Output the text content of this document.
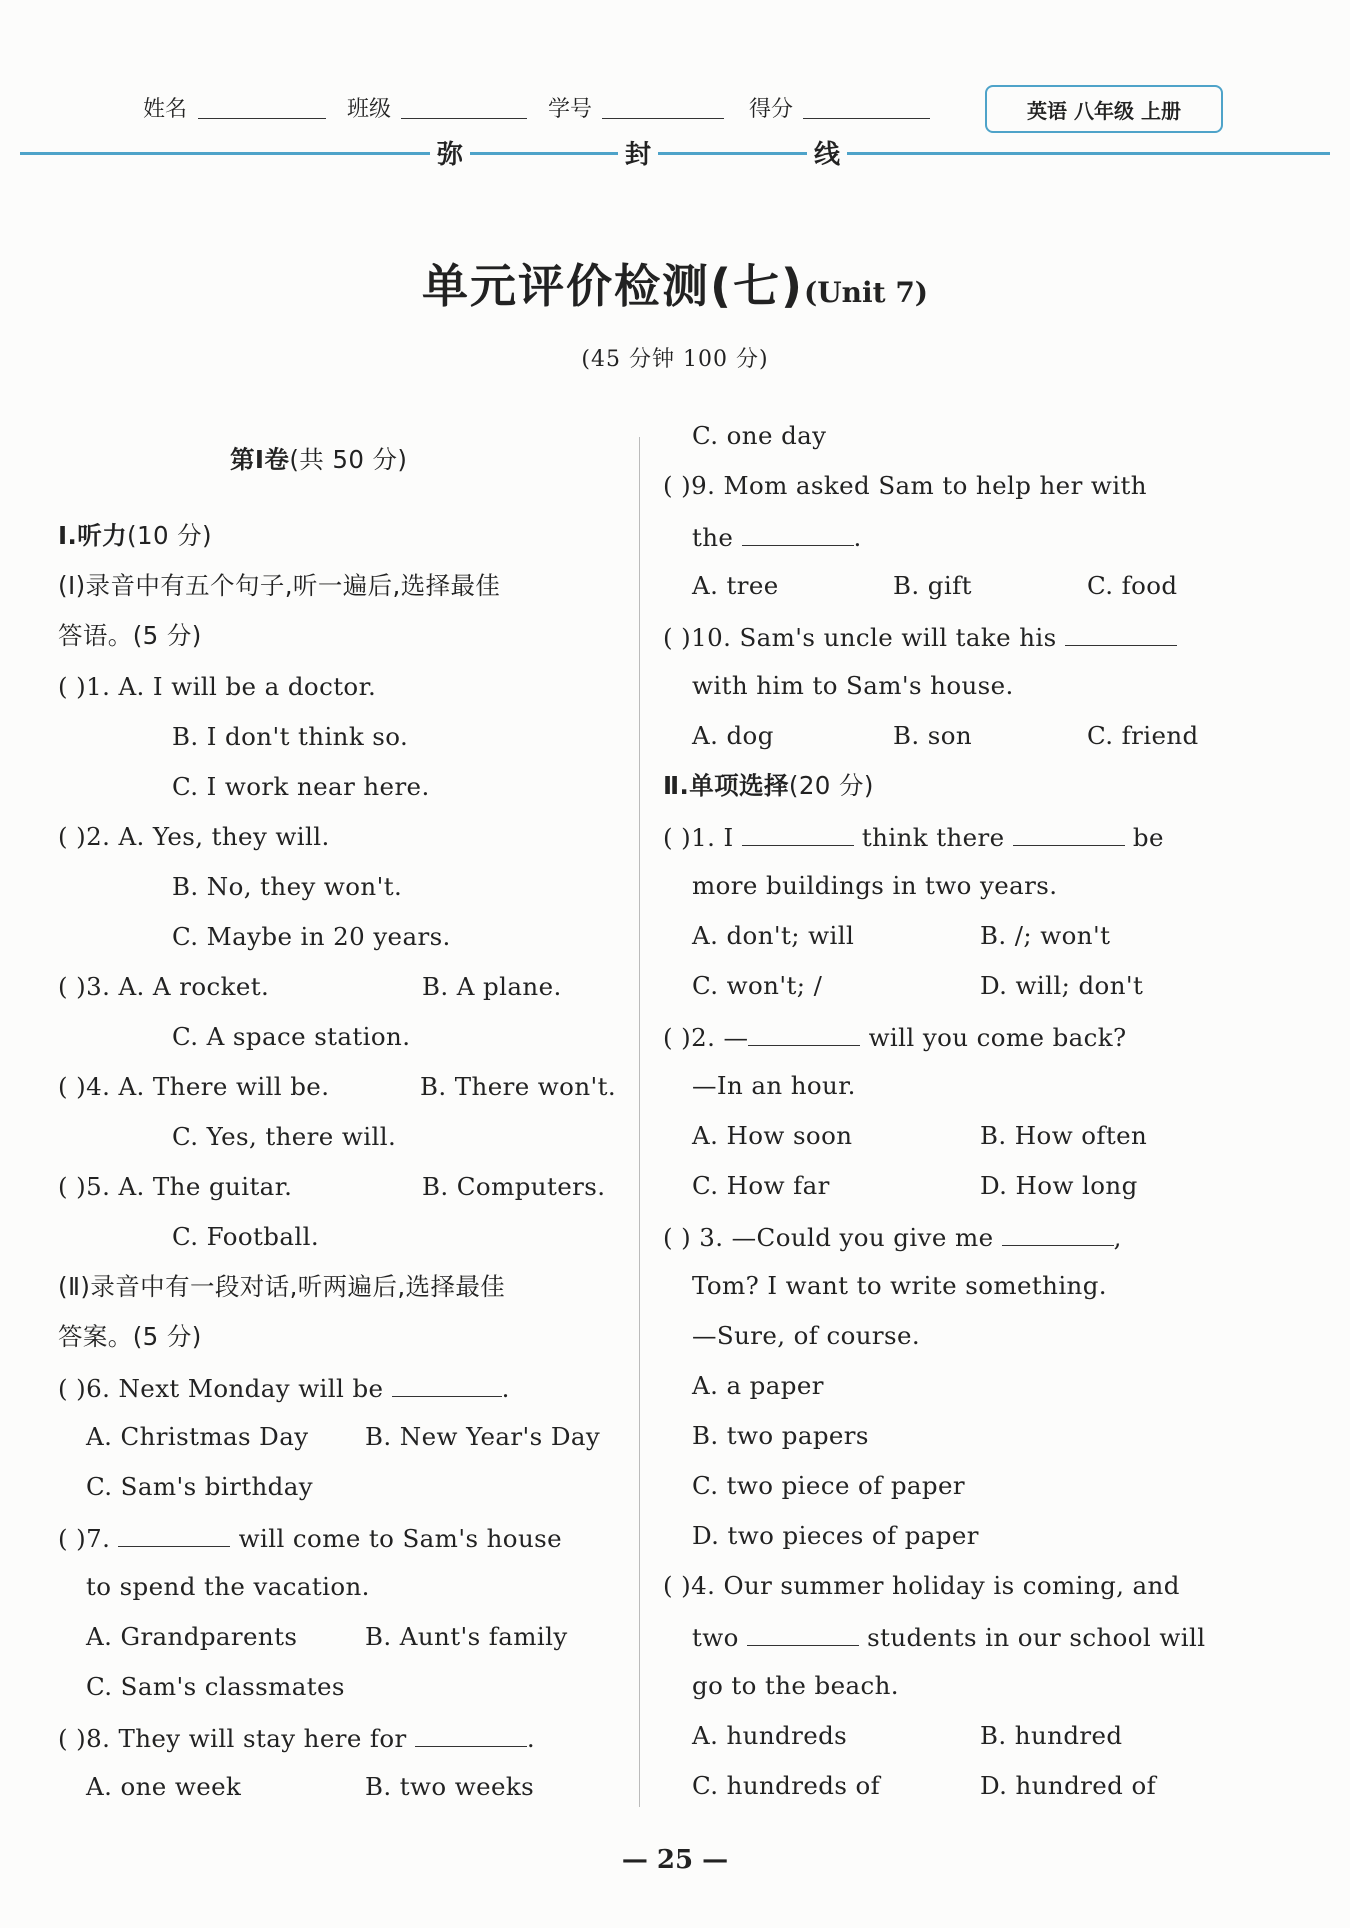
姓名	班级	学号	得分	英语 八年级 上册
弥	封	线
单元评价检测(七)(Unit 7)
(45 分钟 100 分)
第Ⅰ卷(共 50 分)
Ⅰ.听力(10 分)
(Ⅰ)录音中有五个句子,听一遍后,选择最佳
答语。(5 分)
( )1. A. I will be a doctor.
B. I don't think so.
C. I work near here.
( )2. A. Yes, they will.
B. No, they won't.
C. Maybe in 20 years.
( )3. A. A rocket.	B. A plane.
C. A space station.
( )4. A. There will be.	B. There won't.
C. Yes, there will.
( )5. A. The guitar.	B. Computers.
C. Football.
(Ⅱ)录音中有一段对话,听两遍后,选择最佳
答案。(5 分)
( )6. Next Monday will be	.
A. Christmas Day B. New Year's Day
C. Sam's birthday
( )7.	will come to Sam's house
to spend the vacation.
A. Grandparents	B. Aunt's family
C. Sam's classmates
( )8. They will stay here for	.
A. one week	B. two weeks
C. one day
( )9. Mom asked Sam to help her with
the	.
A. tree	B. gift	C. food
( )10. Sam's uncle will take his
with him to Sam's house.
A. dog	B. son	C. friend
Ⅱ.单项选择(20 分)
( )1. I	think there	be
more buildings in two years.
A. don't; will	B. /; won't
C. won't; /	D. will; don't
( )2. —	will you come back?
—In an hour.
A. How soon	B. How often
C. How far	D. How long
( ) 3. —Could you give me	,
Tom? I want to write something.
—Sure, of course.
A. a paper
B. two papers
C. two piece of paper
D. two pieces of paper
( )4. Our summer holiday is coming, and
two	students in our school will
go to the beach.
A. hundreds	B. hundred
C. hundreds of	D. hundred of
— 25 —
